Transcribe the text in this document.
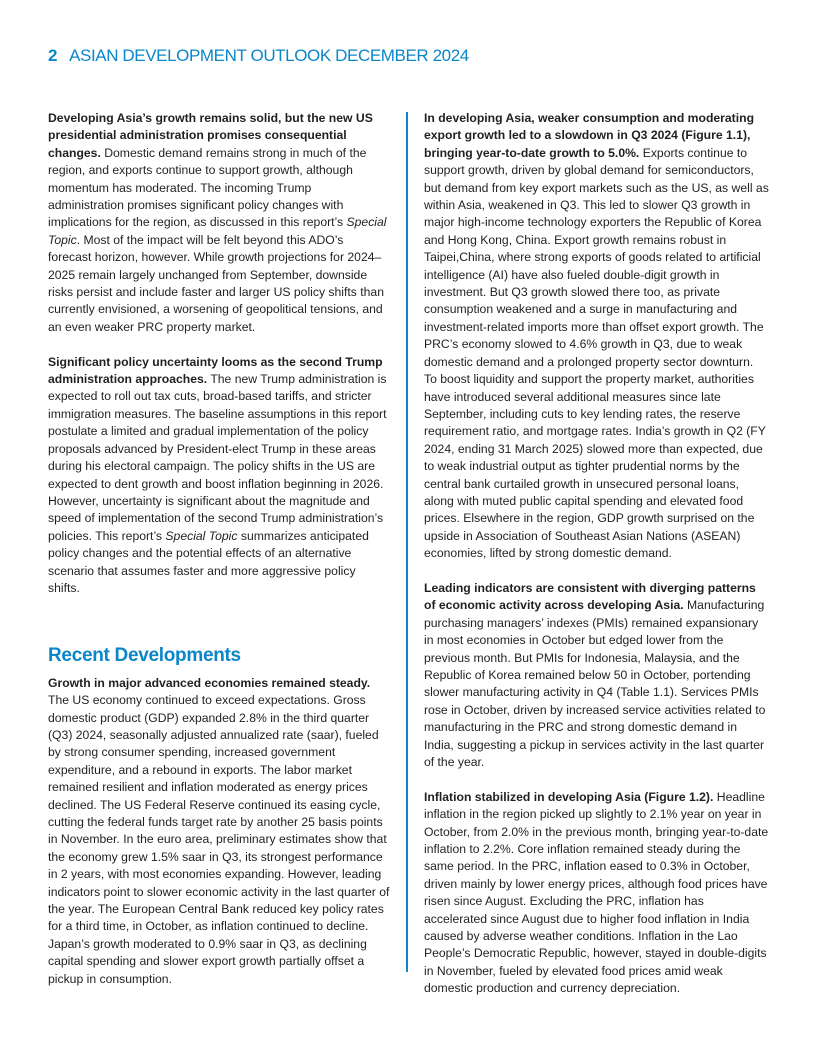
2 ASIAN DEVELOPMENT OUTLOOK DECEMBER 2024

Developing Asia’s growth remains solid, but the new US presidential administration promises consequential changes. Domestic demand remains strong in much of the region, and exports continue to support growth, although momentum has moderated. The incoming Trump administration promises significant policy changes with implications for the region, as discussed in this report’s Special Topic. Most of the impact will be felt beyond this ADO’s forecast horizon, however. While growth projections for 2024–2025 remain largely unchanged from September, downside risks persist and include faster and larger US policy shifts than currently envisioned, a worsening of geopolitical tensions, and an even weaker PRC property market.

Significant policy uncertainty looms as the second Trump administration approaches. The new Trump administration is expected to roll out tax cuts, broad-based tariffs, and stricter immigration measures. The baseline assumptions in this report postulate a limited and gradual implementation of the policy proposals advanced by President-elect Trump in these areas during his electoral campaign. The policy shifts in the US are expected to dent growth and boost inflation beginning in 2026. However, uncertainty is significant about the magnitude and speed of implementation of the second Trump administration’s policies. This report’s Special Topic summarizes anticipated policy changes and the potential effects of an alternative scenario that assumes faster and more aggressive policy shifts.

Recent Developments

Growth in major advanced economies remained steady. The US economy continued to exceed expectations. Gross domestic product (GDP) expanded 2.8% in the third quarter (Q3) 2024, seasonally adjusted annualized rate (saar), fueled by strong consumer spending, increased government expenditure, and a rebound in exports. The labor market remained resilient and inflation moderated as energy prices declined. The US Federal Reserve continued its easing cycle, cutting the federal funds target rate by another 25 basis points in November. In the euro area, preliminary estimates show that the economy grew 1.5% saar in Q3, its strongest performance in 2 years, with most economies expanding. However, leading indicators point to slower economic activity in the last quarter of the year. The European Central Bank reduced key policy rates for a third time, in October, as inflation continued to decline. Japan’s growth moderated to 0.9% saar in Q3, as declining capital spending and slower export growth partially offset a pickup in consumption.

In developing Asia, weaker consumption and moderating export growth led to a slowdown in Q3 2024 (Figure 1.1), bringing year-to-date growth to 5.0%. Exports continue to support growth, driven by global demand for semiconductors, but demand from key export markets such as the US, as well as within Asia, weakened in Q3. This led to slower Q3 growth in major high-income technology exporters the Republic of Korea and Hong Kong, China. Export growth remains robust in Taipei,China, where strong exports of goods related to artificial intelligence (AI) have also fueled double-digit growth in investment. But Q3 growth slowed there too, as private consumption weakened and a surge in manufacturing and investment-related imports more than offset export growth. The PRC’s economy slowed to 4.6% growth in Q3, due to weak domestic demand and a prolonged property sector downturn. To boost liquidity and support the property market, authorities have introduced several additional measures since late September, including cuts to key lending rates, the reserve requirement ratio, and mortgage rates. India’s growth in Q2 (FY 2024, ending 31 March 2025) slowed more than expected, due to weak industrial output as tighter prudential norms by the central bank curtailed growth in unsecured personal loans, along with muted public capital spending and elevated food prices. Elsewhere in the region, GDP growth surprised on the upside in Association of Southeast Asian Nations (ASEAN) economies, lifted by strong domestic demand.

Leading indicators are consistent with diverging patterns of economic activity across developing Asia. Manufacturing purchasing managers’ indexes (PMIs) remained expansionary in most economies in October but edged lower from the previous month. But PMIs for Indonesia, Malaysia, and the Republic of Korea remained below 50 in October, portending slower manufacturing activity in Q4 (Table 1.1). Services PMIs rose in October, driven by increased service activities related to manufacturing in the PRC and strong domestic demand in India, suggesting a pickup in services activity in the last quarter of the year.

Inflation stabilized in developing Asia (Figure 1.2). Headline inflation in the region picked up slightly to 2.1% year on year in October, from 2.0% in the previous month, bringing year-to-date inflation to 2.2%. Core inflation remained steady during the same period. In the PRC, inflation eased to 0.3% in October, driven mainly by lower energy prices, although food prices have risen since August. Excluding the PRC, inflation has accelerated since August due to higher food inflation in India caused by adverse weather conditions. Inflation in the Lao People’s Democratic Republic, however, stayed in double-digits in November, fueled by elevated food prices amid weak domestic production and currency depreciation.
